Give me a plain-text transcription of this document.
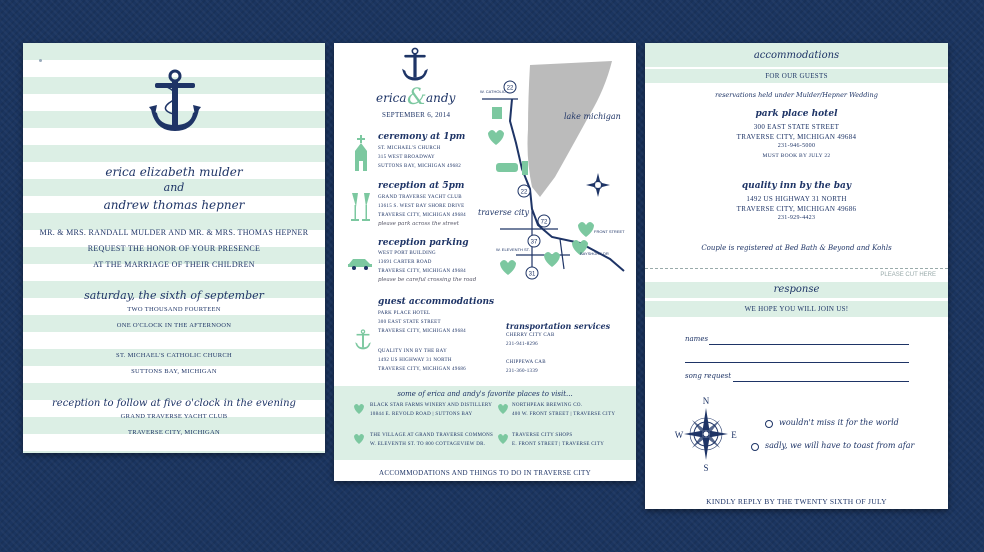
erica elizabeth mulder
and
andrew thomas hepner
MR. & MRS. RANDALL MULDER AND MR. & MRS. THOMAS HEPNER
REQUEST THE HONOR OF YOUR PRESENCE
AT THE MARRIAGE OF THEIR CHILDREN
saturday, the sixth of september
TWO THOUSAND FOURTEEN
ONE O'CLOCK IN THE AFTERNOON
ST. MICHAEL'S CATHOLIC CHURCH
SUTTONS BAY, MICHIGAN
reception to follow at five o'clock in the evening
GRAND TRAVERSE YACHT CLUB
TRAVERSE CITY, MICHIGAN
erica & andy
SEPTEMBER 6, 2014
ceremony at 1pm
ST. MICHAEL'S CHURCH
315 WEST BROADWAY
SUTTONS BAY, MICHIGAN 49682
reception at 5pm
GRAND TRAVERSE YACHT CLUB
13615 S. WEST BAY SHORE DRIVE
TRAVERSE CITY, MICHIGAN 49684
please park across the street
reception parking
WEST PORT BUILDING
13691 CARTER ROAD
TRAVERSE CITY, MICHIGAN 49684
please be careful crossing the road
guest accommodations
PARK PLACE HOTEL
300 EAST STATE STREET
TRAVERSE CITY, MICHIGAN 49684
QUALITY INN BY THE BAY
1492 US HIGHWAY 31 NORTH
TRAVERSE CITY, MICHIGAN 49686
transportation services
CHERRY CITY CAB
231-941-8296
CHIPPEWA CAB
231-360-1339
22
22
72
37
31
lake michigan
traverse city
W. CATHOLIC
W. ELEVENTH ST.
FRONT STREET
BAYSHORE DR
some of erica and andy's favorite places to visit...
BLACK STAR FARMS WINERY AND DISTILLERY
10844 E. REVOLD ROAD | SUTTONS BAY
NORTHPEAK BREWING CO.
400 W. FRONT STREET | TRAVERSE CITY
THE VILLAGE AT GRAND TRAVERSE COMMONS
W. ELEVENTH ST. TO 800 COTTAGEVIEW DR.
TRAVERSE CITY SHOPS
E. FRONT STREET | TRAVERSE CITY
ACCOMMODATIONS AND THINGS TO DO IN TRAVERSE CITY
accommodations
FOR OUR GUESTS
reservations held under Mulder/Hepner Wedding
park place hotel
300 EAST STATE STREET
TRAVERSE CITY, MICHIGAN 49684
231-946-5000
MUST BOOK BY JULY 22
quality inn by the bay
1492 US HIGHWAY 31 NORTH
TRAVERSE CITY, MICHIGAN 49686
231-929-4423
Couple is registered at Bed Bath & Beyond and Kohls
PLEASE CUT HERE
response
WE HOPE YOU WILL JOIN US!
names
song request
N
S
W	E
wouldn't miss it for the world
sadly, we will have to toast from afar
KINDLY REPLY BY THE TWENTY SIXTH OF JULY
